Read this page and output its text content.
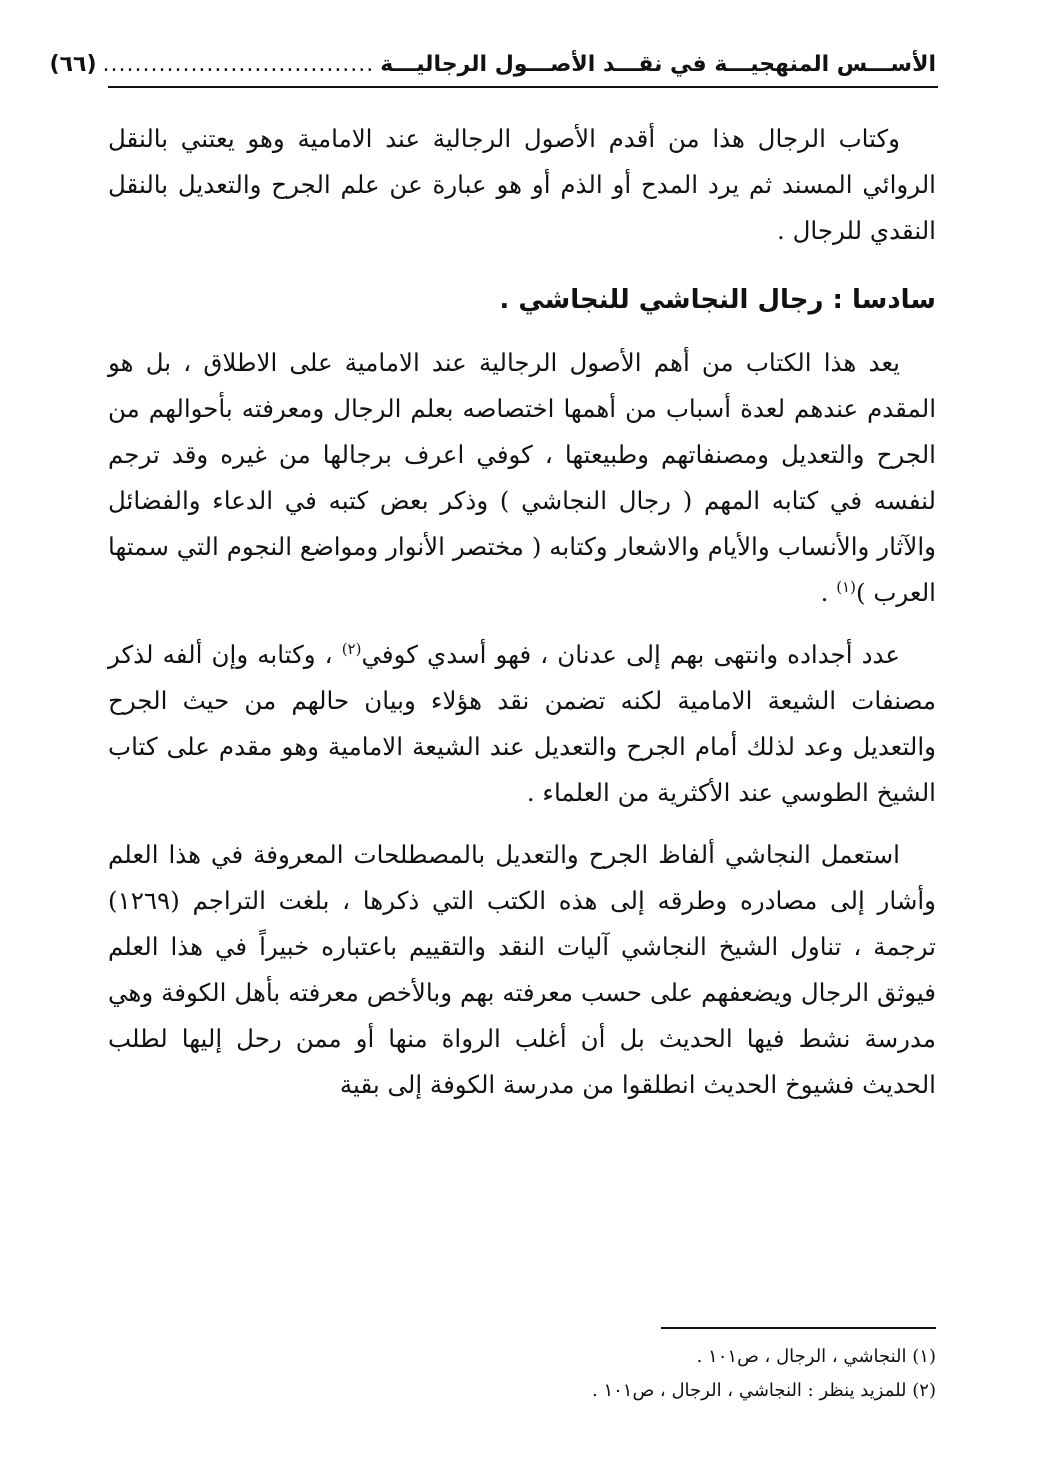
الأســـس المنهجيـــة في نقـــد الأصـــول الرجاليـــة
..................................
(٦٦)

وكتاب الرجال هذا من أقدم الأصول الرجالية عند الامامية وهو يعتني بالنقل الروائي المسند ثم يرد المدح أو الذم أو هو عبارة عن علم الجرح والتعديل بالنقل النقدي للرجال .

سادسا : رجال النجاشي للنجاشي .

يعد هذا الكتاب من أهم الأصول الرجالية عند الامامية على الاطلاق ، بل هو المقدم عندهم لعدة أسباب من أهمها اختصاصه بعلم الرجال ومعرفته بأحوالهم من الجرح والتعديل ومصنفاتهم وطبيعتها ، كوفي اعرف برجالها من غيره وقد ترجم لنفسه في كتابه المهم ( رجال النجاشي ) وذكر بعض كتبه في الدعاء والفضائل والآثار والأنساب والأيام والاشعار وكتابه ( مختصر الأنوار ومواضع النجوم التي سمتها العرب )$^{(١)}$ .

عدد أجداده وانتهى بهم إلى عدنان ، فهو أسدي كوفي$^{(٢)}$ ، وكتابه وإن ألفه لذكر مصنفات الشيعة الامامية لكنه تضمن نقد هؤلاء وبيان حالهم من حيث الجرح والتعديل وعد لذلك أمام الجرح والتعديل عند الشيعة الامامية وهو مقدم على كتاب الشيخ الطوسي عند الأكثرية من العلماء .

استعمل النجاشي ألفاظ الجرح والتعديل بالمصطلحات المعروفة في هذا العلم وأشار إلى مصادره وطرقه إلى هذه الكتب التي ذكرها ، بلغت التراجم (١٢٦٩) ترجمة ، تناول الشيخ النجاشي آليات النقد والتقييم باعتباره خبيراً في هذا العلم فيوثق الرجال ويضعفهم على حسب معرفته بهم وبالأخص معرفته بأهل الكوفة وهي مدرسة نشط فيها الحديث بل أن أغلب الرواة منها أو ممن رحل إليها لطلب الحديث فشيوخ الحديث انطلقوا من مدرسة الكوفة إلى بقية

(١) النجاشي ، الرجال ، ص١٠١ .

(٢) للمزيد ينظر : النجاشي ، الرجال ، ص١٠١ .
